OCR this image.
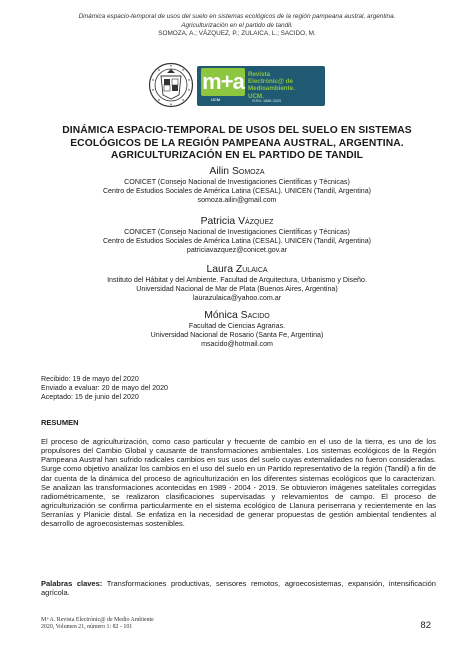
Dinámica espacio-temporal de usos del suelo en sistemas ecológicos de la región pampeana austral, argentina.
Agriculturización en el partido de tandil.
SOMOZA, A.; VÁZQUEZ, P.; ZULAICA, L.; SACIDO, M.
m+a
UCM
Revista
Electrónic@ de
Medioambiente.
UCM.
ISSN: 1886-3329
DINÁMICA ESPACIO-TEMPORAL DE USOS DEL SUELO EN SISTEMAS
ECOLÓGICOS DE LA REGIÓN PAMPEANA AUSTRAL, ARGENTINA.
AGRICULTURIZACIÓN EN EL PARTIDO DE TANDIL
Ailin Somoza
CONICET (Consejo Nacional de Investigaciones Científicas y Técnicas)
Centro de Estudios Sociales de América Latina (CESAL). UNICEN (Tandil, Argentina)
somoza.ailin@gmail.com
Patricia Vázquez
CONICET (Consejo Nacional de Investigaciones Científicas y Técnicas)
Centro de Estudios Sociales de América Latina (CESAL). UNICEN (Tandil, Argentina)
patriciavazquez@conicet.gov.ar
Laura Zulaica
Instituto del Hábitat y del Ambiente. Facultad de Arquitectura, Urbanismo y Diseño.
Universidad Nacional de Mar de Plata (Buenos Aires, Argentina)
laurazulaica@yahoo.com.ar
Mónica Sacido
Facultad de Ciencias Agrarias.
Universidad Nacional de Rosario (Santa Fe, Argentina)
msacido@hotmail.com
Recibido: 19 de mayo del 2020
Enviado a evaluar: 20 de mayo del 2020
Aceptado: 15 de junio del 2020
RESUMEN
El proceso de agriculturización, como caso particular y frecuente de cambio en el uso de la tierra, es uno de los propulsores del Cambio Global y causante de transformaciones ambientales. Los sistemas ecológicos de la Región Pampeana Austral han sufrido radicales cambios en sus usos del suelo cuyas externalidades no fueron consideradas. Surge como objetivo analizar los cambios en el uso del suelo en un Partido representativo de la región (Tandil) a fin de dar cuenta de la dinámica del proceso de agriculturización en los diferentes sistemas ecológicos que lo caracterizan. Se analizan las transformaciones acontecidas en 1989 - 2004 - 2019. Se obtuvieron imágenes satelitales corregidas radiométricamente, se realizaron clasificaciones supervisadas y relevamientos de campo. El proceso de agriculturización se confirma particularmente en el sistema ecológico de Llanura periserrana y recientemente en las Serranías y Planicie distal. Se enfatiza en la necesidad de generar propuestas de gestión ambiental tendientes al desarrollo de agroecosistemas sostenibles.
Palabras claves: Transformaciones productivas, sensores remotos, agroecosistemas, expansión, intensificación agrícola.
M+A. Revista Electrónic@ de Medio Ambiente
2020, Volumen 21, número 1: 82 - 101	82
